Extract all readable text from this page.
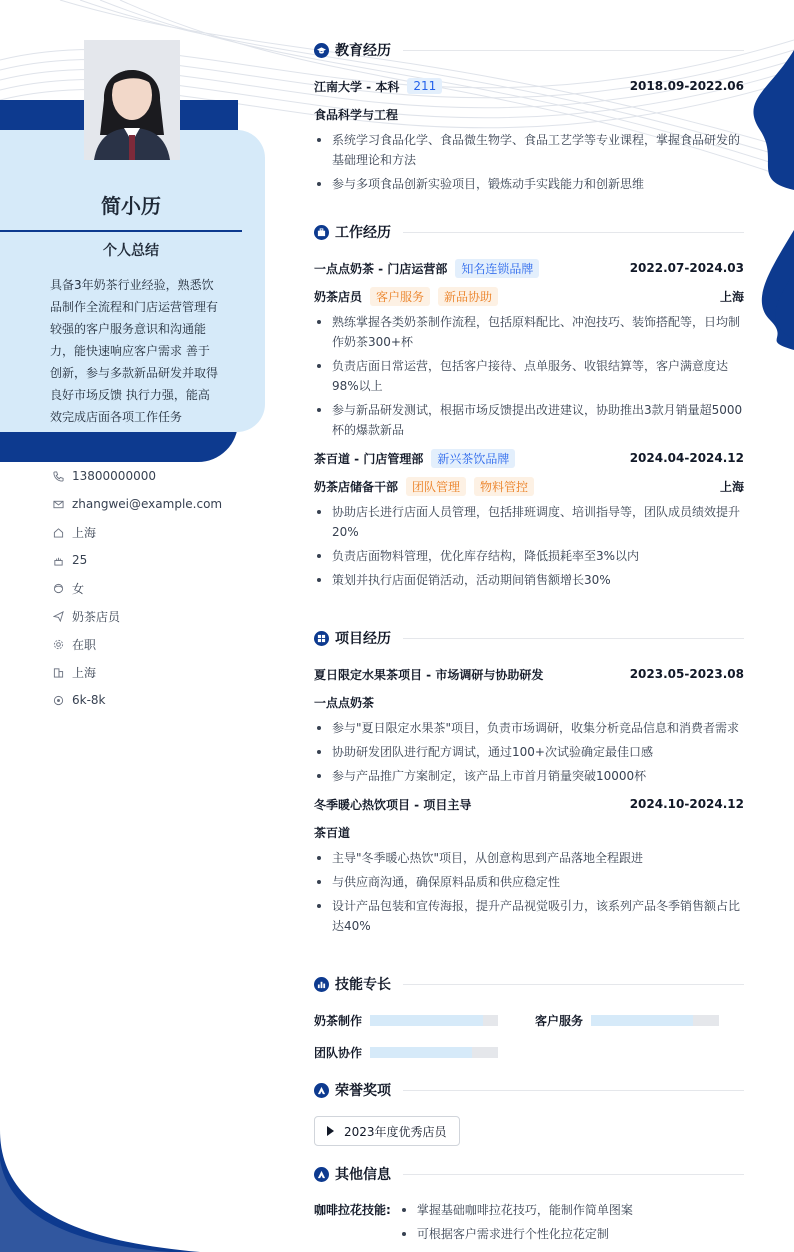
简小历
个人总结
具备3年奶茶行业经验，熟悉饮品制作全流程和门店运营管理有较强的客户服务意识和沟通能力，能快速响应客户需求 善于创新，参与多款新品研发并取得良好市场反馈 执行力强，能高效完成店面各项工作任务
13800000000
zhangwei@example.com
上海
25
女
奶茶店员
在职
上海
6k-8k
教育经历
江南大学 - 本科	211	2018.09-2022.06
食品科学与工程
系统学习食品化学、食品微生物学、食品工艺学等专业课程，掌握食品研发的基础理论和方法
参与多项食品创新实验项目，锻炼动手实践能力和创新思维
工作经历
一点点奶茶 - 门店运营部	知名连锁品牌	2022.07-2024.03
奶茶店员	客户服务	新品协助	上海
熟练掌握各类奶茶制作流程，包括原料配比、冲泡技巧、装饰搭配等，日均制作奶茶300+杯
负责店面日常运营，包括客户接待、点单服务、收银结算等，客户满意度达98%以上
参与新品研发测试，根据市场反馈提出改进建议，协助推出3款月销量超5000杯的爆款新品
茶百道 - 门店管理部	新兴茶饮品牌	2024.04-2024.12
奶茶店储备干部	团队管理	物料管控	上海
协助店长进行店面人员管理，包括排班调度、培训指导等，团队成员绩效提升20%
负责店面物料管理，优化库存结构，降低损耗率至3%以内
策划并执行店面促销活动，活动期间销售额增长30%
项目经历
夏日限定水果茶项目 - 市场调研与协助研发	2023.05-2023.08
一点点奶茶
参与"夏日限定水果茶"项目，负责市场调研，收集分析竞品信息和消费者需求
协助研发团队进行配方调试，通过100+次试验确定最佳口感
参与产品推广方案制定，该产品上市首月销量突破10000杯
冬季暖心热饮项目 - 项目主导	2024.10-2024.12
茶百道
主导"冬季暖心热饮"项目，从创意构思到产品落地全程跟进
与供应商沟通，确保原料品质和供应稳定性
设计产品包装和宣传海报，提升产品视觉吸引力，该系列产品冬季销售额占比达40%
技能专长
奶茶制作	客户服务
团队协作
荣誉奖项
2023年度优秀店员
其他信息
咖啡拉花技能:	掌握基础咖啡拉花技巧，能制作简单图案
可根据客户需求进行个性化拉花定制
